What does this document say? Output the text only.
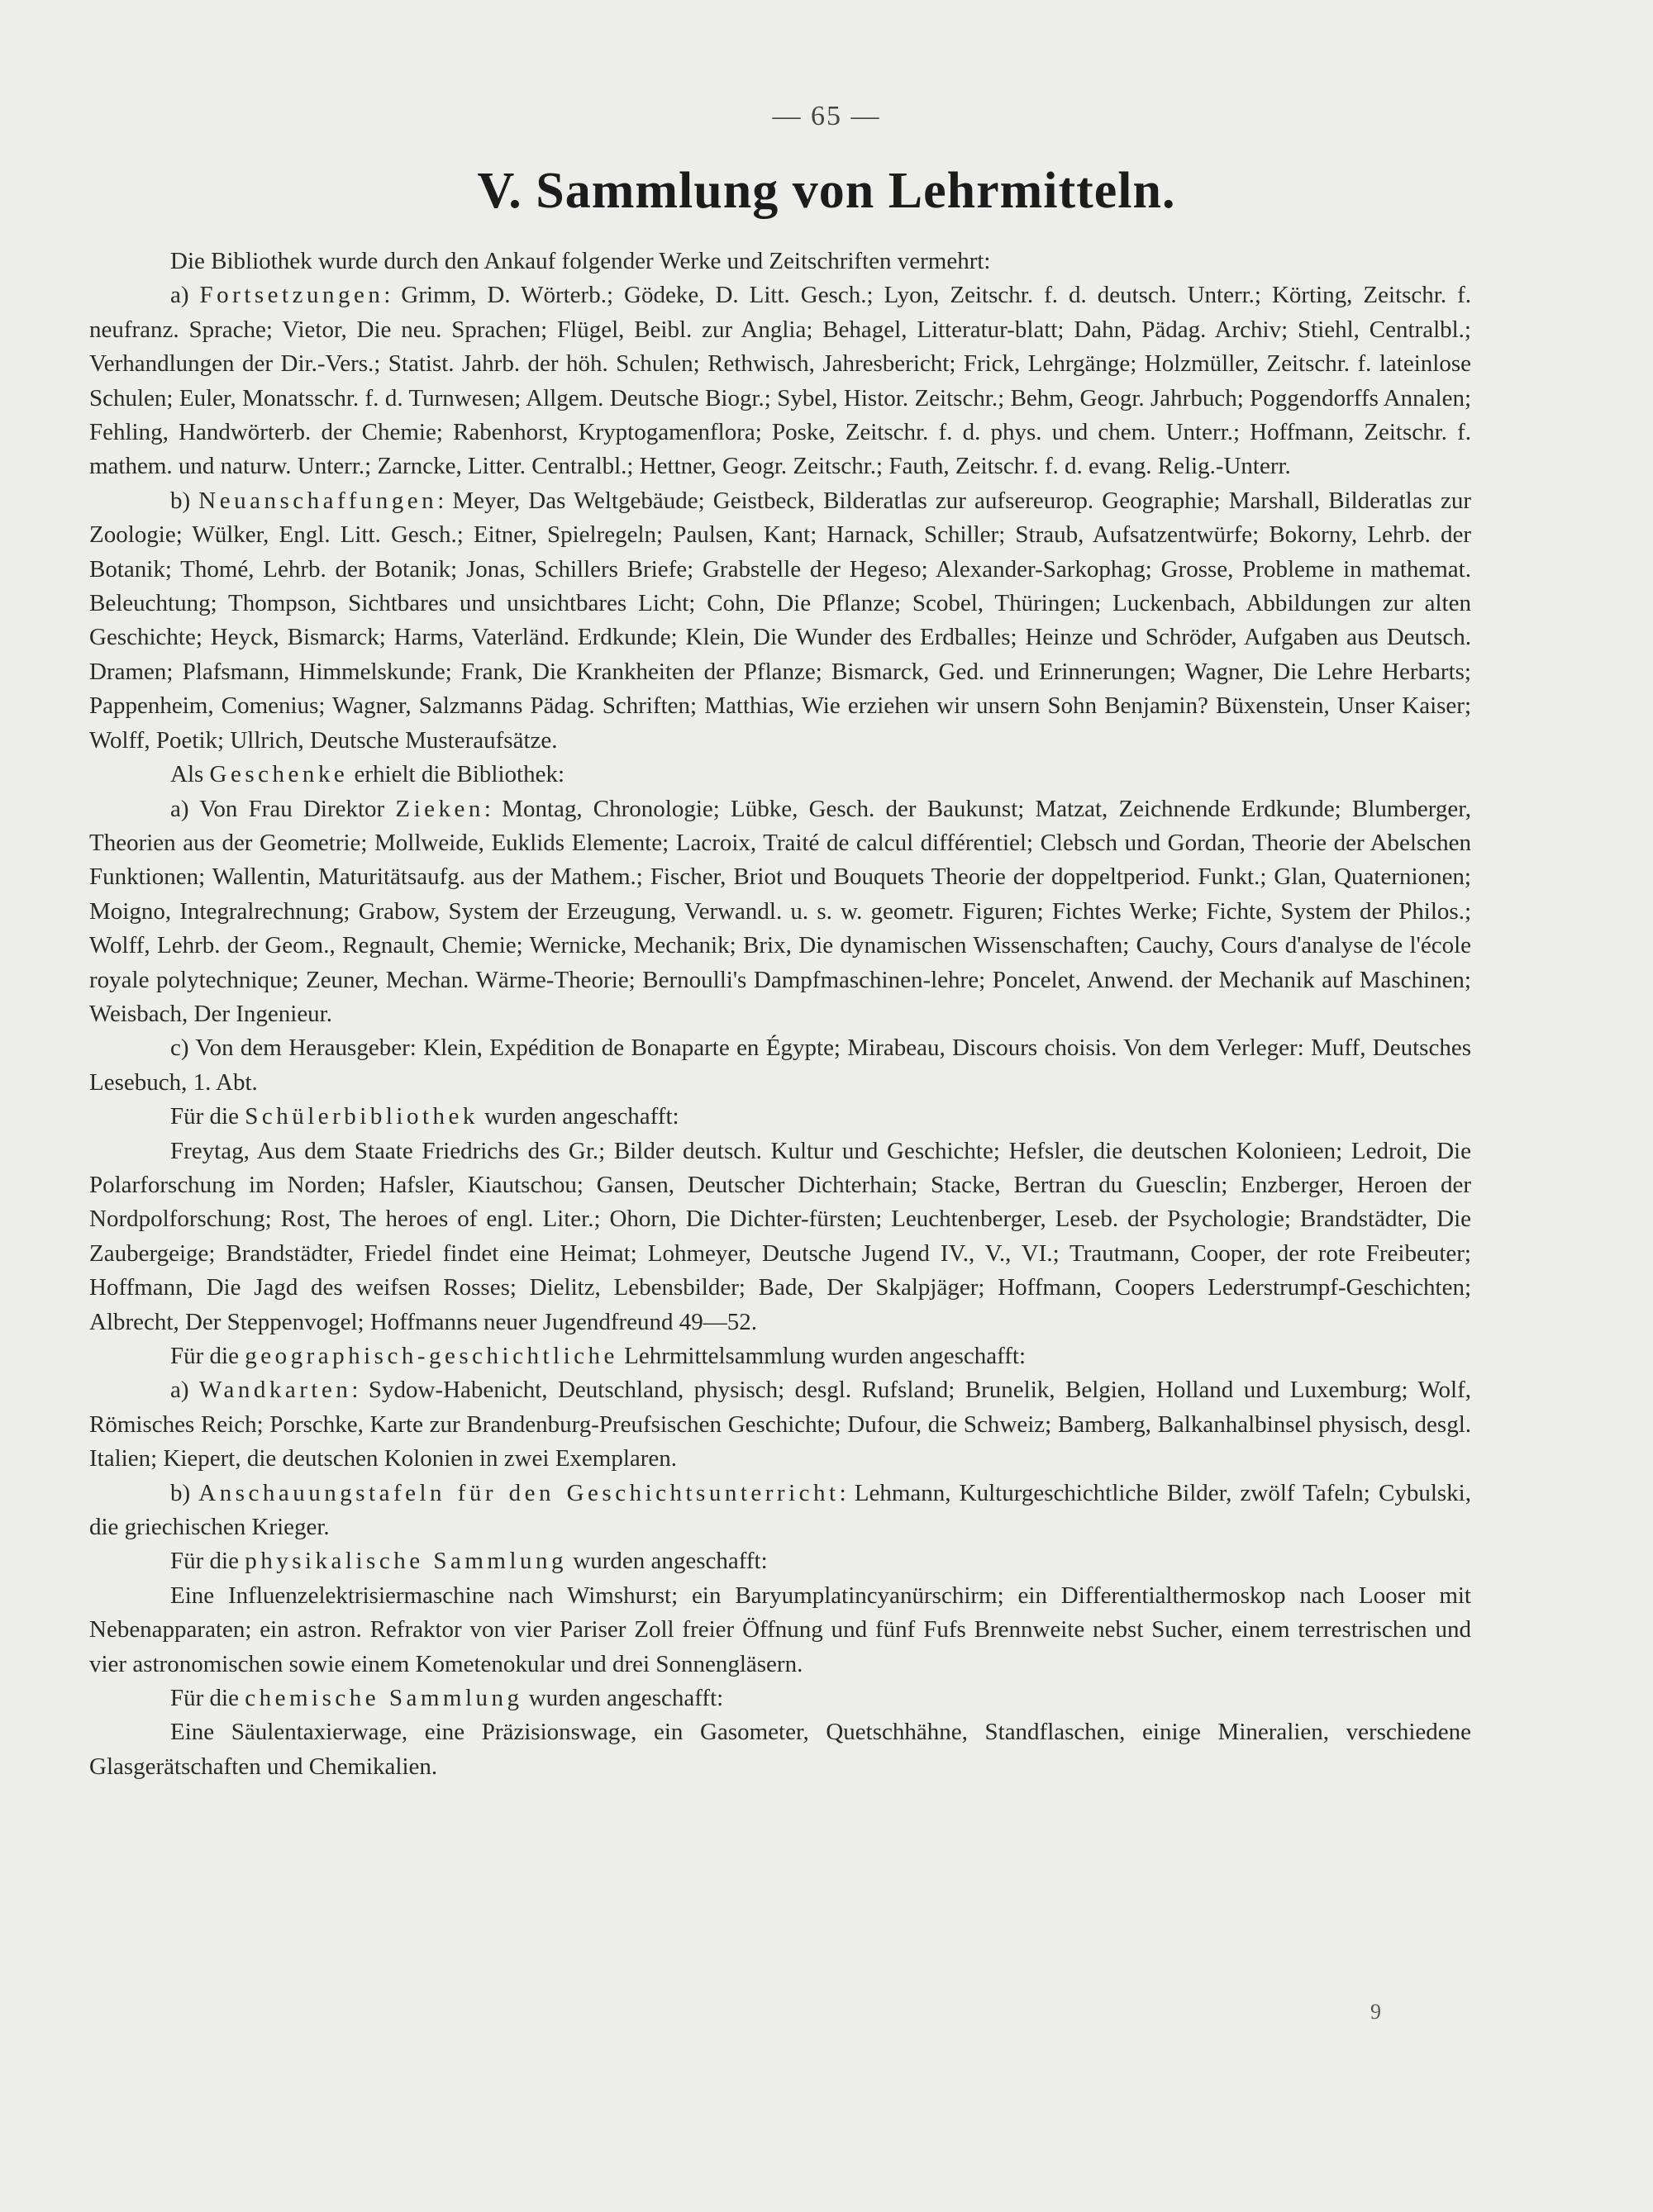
— 65 —
V. Sammlung von Lehrmitteln.

Die Bibliothek wurde durch den Ankauf folgender Werke und Zeitschriften vermehrt:

a) Fortsetzungen: Grimm, D. Wörterb.; Gödeke, D. Litt. Gesch.; Lyon, Zeitschr. f. d. deutsch. Unterr.; Körting, Zeitschr. f. neufranz. Sprache; Vietor, Die neu. Sprachen; Flügel, Beibl. zur Anglia; Behagel, Litteratur-blatt; Dahn, Pädag. Archiv; Stiehl, Centralbl.; Verhandlungen der Dir.-Vers.; Statist. Jahrb. der höh. Schulen; Rethwisch, Jahresbericht; Frick, Lehrgänge; Holzmüller, Zeitschr. f. lateinlose Schulen; Euler, Monatsschr. f. d. Turnwesen; Allgem. Deutsche Biogr.; Sybel, Histor. Zeitschr.; Behm, Geogr. Jahrbuch; Poggendorffs Annalen; Fehling, Handwörterb. der Chemie; Rabenhorst, Kryptogamenflora; Poske, Zeitschr. f. d. phys. und chem. Unterr.; Hoffmann, Zeitschr. f. mathem. und naturw. Unterr.; Zarncke, Litter. Centralbl.; Hettner, Geogr. Zeitschr.; Fauth, Zeitschr. f. d. evang. Relig.-Unterr.

b) Neuanschaffungen: Meyer, Das Weltgebäude; Geistbeck, Bilderatlas zur aufsereurop. Geographie; Marshall, Bilderatlas zur Zoologie; Wülker, Engl. Litt. Gesch.; Eitner, Spielregeln; Paulsen, Kant; Harnack, Schiller; Straub, Aufsatzentwürfe; Bokorny, Lehrb. der Botanik; Thomé, Lehrb. der Botanik; Jonas, Schillers Briefe; Grabstelle der Hegeso; Alexander-Sarkophag; Grosse, Probleme in mathemat. Beleuchtung; Thompson, Sichtbares und unsichtbares Licht; Cohn, Die Pflanze; Scobel, Thüringen; Luckenbach, Abbildungen zur alten Geschichte; Heyck, Bismarck; Harms, Vaterländ. Erdkunde; Klein, Die Wunder des Erdballes; Heinze und Schröder, Aufgaben aus Deutsch. Dramen; Plafsmann, Himmelskunde; Frank, Die Krankheiten der Pflanze; Bismarck, Ged. und Erinnerungen; Wagner, Die Lehre Herbarts; Pappenheim, Comenius; Wagner, Salzmanns Pädag. Schriften; Matthias, Wie erziehen wir unsern Sohn Benjamin? Büxenstein, Unser Kaiser; Wolff, Poetik; Ullrich, Deutsche Musteraufsätze.

Als Geschenke erhielt die Bibliothek:

a) Von Frau Direktor Zieken: Montag, Chronologie; Lübke, Gesch. der Baukunst; Matzat, Zeichnende Erdkunde; Blumberger, Theorien aus der Geometrie; Mollweide, Euklids Elemente; Lacroix, Traité de calcul différentiel; Clebsch und Gordan, Theorie der Abelschen Funktionen; Wallentin, Maturitätsaufg. aus der Mathem.; Fischer, Briot und Bouquets Theorie der doppeltperiod. Funkt.; Glan, Quaternionen; Moigno, Integralrechnung; Grabow, System der Erzeugung, Verwandl. u. s. w. geometr. Figuren; Fichtes Werke; Fichte, System der Philos.; Wolff, Lehrb. der Geom., Regnault, Chemie; Wernicke, Mechanik; Brix, Die dynamischen Wissenschaften; Cauchy, Cours d'analyse de l'école royale polytechnique; Zeuner, Mechan. Wärme-Theorie; Bernoulli's Dampfmaschinen-lehre; Poncelet, Anwend. der Mechanik auf Maschinen; Weisbach, Der Ingenieur.

c) Von dem Herausgeber: Klein, Expédition de Bonaparte en Égypte; Mirabeau, Discours choisis. Von dem Verleger: Muff, Deutsches Lesebuch, 1. Abt.

Für die Schülerbibliothek wurden angeschafft:

Freytag, Aus dem Staate Friedrichs des Gr.; Bilder deutsch. Kultur und Geschichte; Hefsler, die deutschen Kolonieen; Ledroit, Die Polarforschung im Norden; Hafsler, Kiautschou; Gansen, Deutscher Dichterhain; Stacke, Bertran du Guesclin; Enzberger, Heroen der Nordpolforschung; Rost, The heroes of engl. Liter.; Ohorn, Die Dichter-fürsten; Leuchtenberger, Leseb. der Psychologie; Brandstädter, Die Zaubergeige; Brandstädter, Friedel findet eine Heimat; Lohmeyer, Deutsche Jugend IV., V., VI.; Trautmann, Cooper, der rote Freibeuter; Hoffmann, Die Jagd des weifsen Rosses; Dielitz, Lebensbilder; Bade, Der Skalpjäger; Hoffmann, Coopers Lederstrumpf-Geschichten; Albrecht, Der Steppenvogel; Hoffmanns neuer Jugendfreund 49—52.

Für die geographisch-geschichtliche Lehrmittelsammlung wurden angeschafft:

a) Wandkarten: Sydow-Habenicht, Deutschland, physisch; desgl. Rufsland; Brunelik, Belgien, Holland und Luxemburg; Wolf, Römisches Reich; Porschke, Karte zur Brandenburg-Preufsischen Geschichte; Dufour, die Schweiz; Bamberg, Balkanhalbinsel physisch, desgl. Italien; Kiepert, die deutschen Kolonien in zwei Exemplaren.

b) Anschauungstafeln für den Geschichtsunterricht: Lehmann, Kulturgeschichtliche Bilder, zwölf Tafeln; Cybulski, die griechischen Krieger.

Für die physikalische Sammlung wurden angeschafft:

Eine Influenzelektrisiermaschine nach Wimshurst; ein Baryumplatincyanürschirm; ein Differentialthermoskop nach Looser mit Nebenapparaten; ein astron. Refraktor von vier Pariser Zoll freier Öffnung und fünf Fufs Brennweite nebst Sucher, einem terrestrischen und vier astronomischen sowie einem Kometenokular und drei Sonnengläsern.

Für die chemische Sammlung wurden angeschafft:

Eine Säulentaxierwage, eine Präzisionswage, ein Gasometer, Quetschhähne, Standflaschen, einige Mineralien, verschiedene Glasgerätschaften und Chemikalien.

9
